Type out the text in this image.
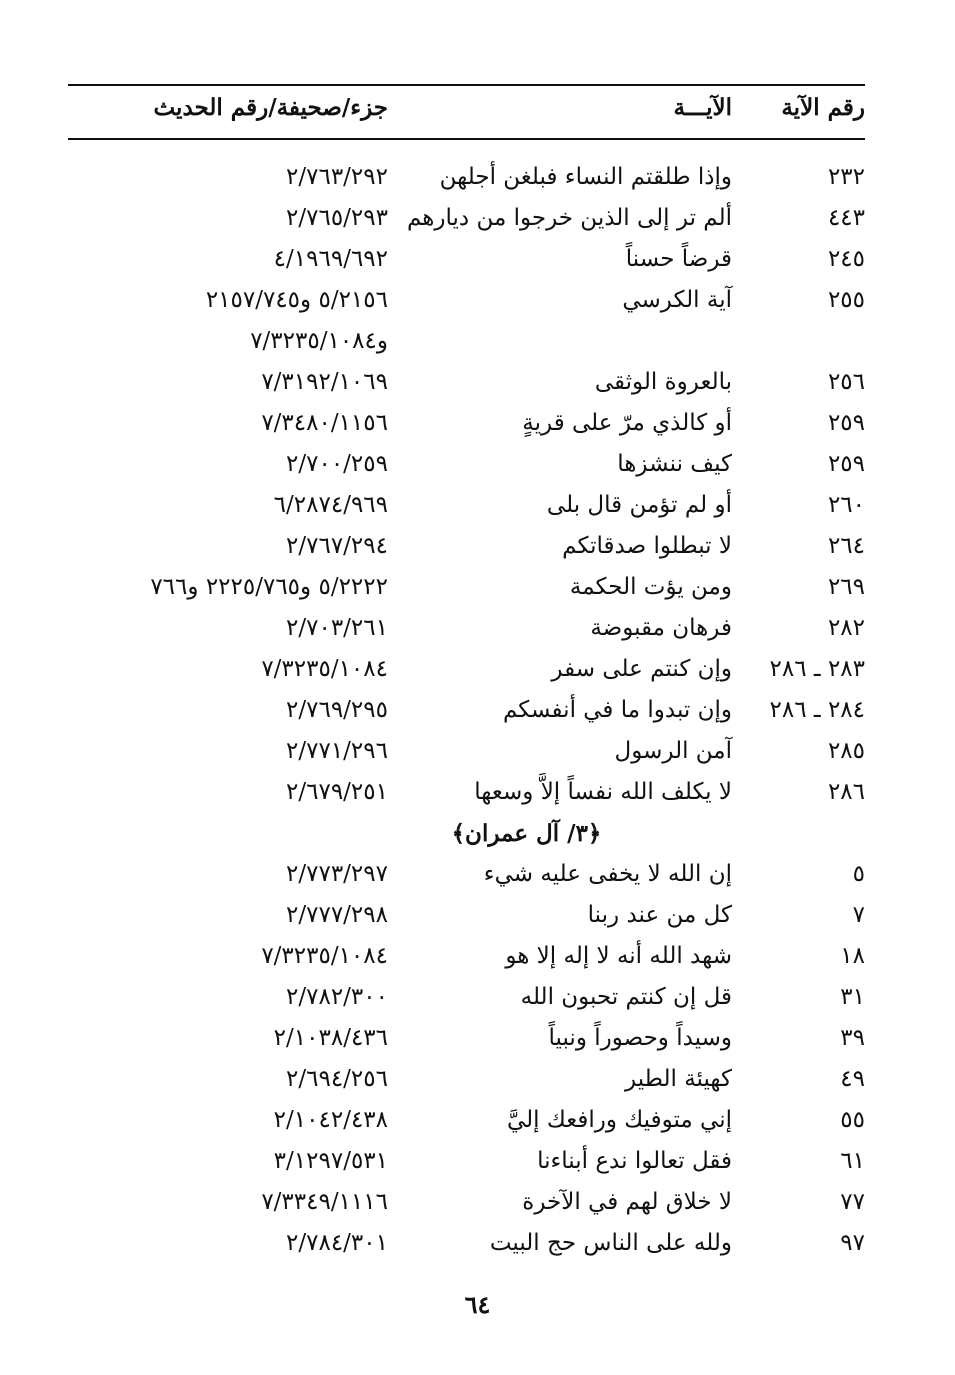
رقم الآية
الآيـــة
جزء/صحيفة/رقم الحديث
٢٣٢
وإذا طلقتم النساء فبلغن أجلهن
٢/٧٦٣/٢٩٢
٤٤٣
ألم تر إلى الذين خرجوا من ديارهم
٢/٧٦٥/٢٩٣
٢٤٥
قرضاً حسناً
٤/١٩٦٩/٦٩٢
٢٥٥
آية الكرسي
٥/٢١٥٦ و٢١٥٧/٧٤٥
و٧/٣٢٣٥/١٠٨٤
٢٥٦
بالعروة الوثقى
٧/٣١٩٢/١٠٦٩
٢٥٩
أو كالذي مرّ على قريةٍ
٧/٣٤٨٠/١١٥٦
٢٥٩
كيف ننشزها
٢/٧٠٠/٢٥٩
٢٦٠
أو لم تؤمن قال بلى
٦/٢٨٧٤/٩٦٩
٢٦٤
لا تبطلوا صدقاتكم
٢/٧٦٧/٢٩٤
٢٦٩
ومن يؤت الحكمة
٥/٢٢٢٢ و٢٢٢٥/٧٦٥ و٧٦٦
٢٨٢
فرهان مقبوضة
٢/٧٠٣/٢٦١
٢٨٣ ـ ٢٨٦
وإن كنتم على سفر
٧/٣٢٣٥/١٠٨٤
٢٨٤ ـ ٢٨٦
وإن تبدوا ما في أنفسكم
٢/٧٦٩/٢٩٥
٢٨٥
آمن الرسول
٢/٧٧١/٢٩٦
٢٨٦
لا يكلف الله نفساً إلاَّ وسعها
٢/٦٧٩/٢٥١
﴿٣/ آل عمران﴾
٥
إن الله لا يخفى عليه شيء
٢/٧٧٣/٢٩٧
٧
كل من عند ربنا
٢/٧٧٧/٢٩٨
١٨
شهد الله أنه لا إله إلا هو
٧/٣٢٣٥/١٠٨٤
٣١
قل إن كنتم تحبون الله
٢/٧٨٢/٣٠٠
٣٩
وسيداً وحصوراً ونبياً
٢/١٠٣٨/٤٣٦
٤٩
كهيئة الطير
٢/٦٩٤/٢٥٦
٥٥
إني متوفيك ورافعك إليَّ
٢/١٠٤٢/٤٣٨
٦١
فقل تعالوا ندع أبناءنا
٣/١٢٩٧/٥٣١
٧٧
لا خلاق لهم في الآخرة
٧/٣٣٤٩/١١١٦
٩٧
ولله على الناس حج البيت
٢/٧٨٤/٣٠١
٦٤
